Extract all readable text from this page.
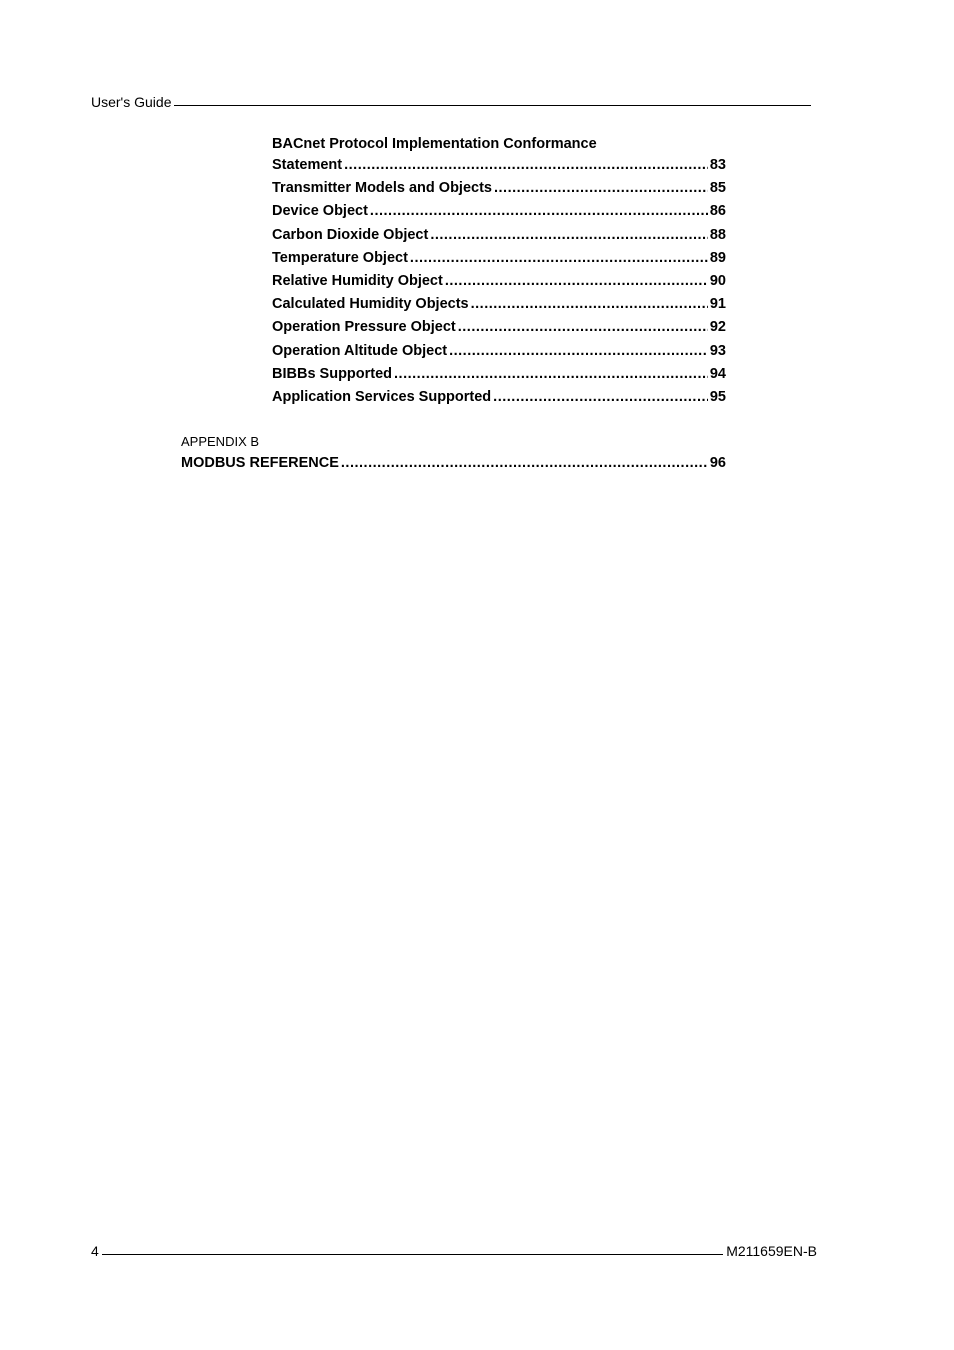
User's Guide
BACnet Protocol Implementation Conformance
Statement .....	83
Transmitter Models and Objects .....	85
Device Object .....	86
Carbon Dioxide Object .....	88
Temperature Object .....	89
Relative Humidity Object .....	90
Calculated Humidity Objects .....	91
Operation Pressure Object .....	92
Operation Altitude Object .....	93
BIBBs Supported .....	94
Application Services Supported .....	95
APPENDIX B
MODBUS REFERENCE .....	96
4	M211659EN-B
